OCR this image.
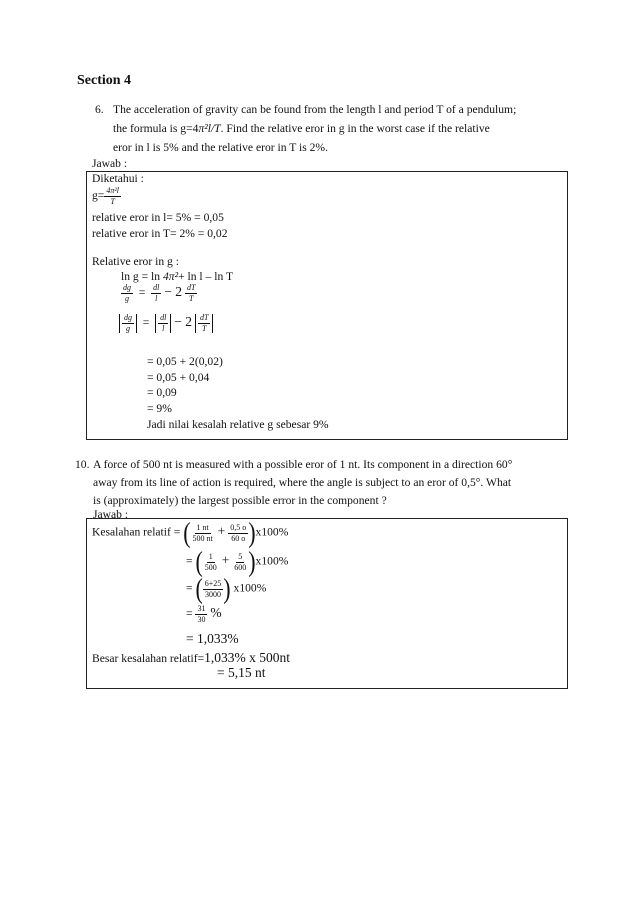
Section 4
6. The acceleration of gravity can be found from the length l and period T of a pendulum;
the formula is g=4π²l/T. Find the relative eror in g in the worst case if the relative
eror in l is 5% and the relative eror in T is 2%.
Jawab :
Diketahui :
$g= \frac{\text{4π²l}}{T}$
relative eror in l= 5% = 0,05
relative eror in T= 2% = 0,02
Relative eror in g :
ln g = ln 4π²+ ln l – ln T
$\frac{dg}{g} = \frac{dl}{l} - 2 \frac{dT}{T}$
$\frac{dg}{g} = \frac{dl}{l} - 2 \frac{dT}{T}$
= 0,05 + 2(0,02)
= 0,05 + 0,04
= 0,09
= 9%
Jadi nilai kesalah relative g sebesar 9%
10. A force of 500 nt is measured with a possible eror of 1 nt. Its component in a direction 60°
away from its line of action is required, where the angle is subject to an eror of 0,5°. What
is (approximately) the largest possible error in the component ?
Jawab :
Kesalahan relatif = ( $\frac{1 nt}{500 nt} + \frac{0,5 o}{60 o} )x100\%$
= ( $\frac{1}{500} + \frac{5}{600} )x100\%$
= ( $\frac{6+25}{3000}$ ) x100%
= $\frac{31}{30}$ %
= 1,033%
Besar kesalahan relatif=1,033% x 500nt
= 5,15 nt
